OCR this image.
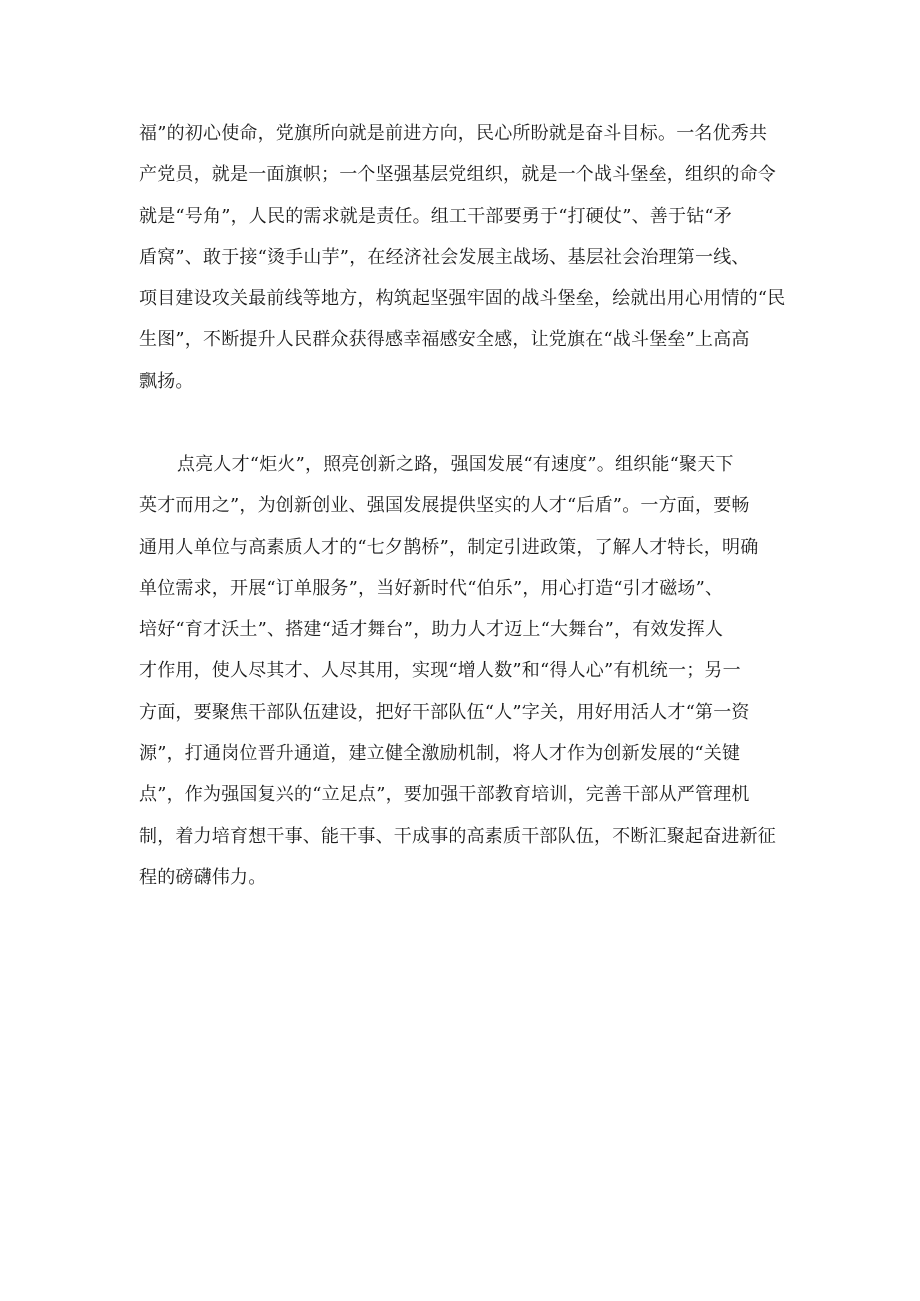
福”的初心使命，党旗所向就是前进方向，民心所盼就是奋斗目标。一名优秀共
产党员，就是一面旗帜；一个坚强基层党组织，就是一个战斗堡垒，组织的命令
就是“号角”，人民的需求就是责任。组工干部要勇于“打硬仗”、善于钻“矛
盾窝”、敢于接“烫手山芋”，在经济社会发展主战场、基层社会治理第一线、
项目建设攻关最前线等地方，构筑起坚强牢固的战斗堡垒，绘就出用心用情的“民
生图”，不断提升人民群众获得感幸福感安全感，让党旗在“战斗堡垒”上高高
飘扬。
点亮人才“炬火”，照亮创新之路，强国发展“有速度”。组织能“聚天下
英才而用之”，为创新创业、强国发展提供坚实的人才“后盾”。一方面，要畅
通用人单位与高素质人才的“七夕鹊桥”，制定引进政策，了解人才特长，明确
单位需求，开展“订单服务”，当好新时代“伯乐”，用心打造“引才磁场”、
培好“育才沃土”、搭建“适才舞台”，助力人才迈上“大舞台”，有效发挥人
才作用，使人尽其才、人尽其用，实现“增人数”和“得人心”有机统一；另一
方面，要聚焦干部队伍建设，把好干部队伍“人”字关，用好用活人才“第一资
源”，打通岗位晋升通道，建立健全激励机制，将人才作为创新发展的“关键
点”，作为强国复兴的“立足点”，要加强干部教育培训，完善干部从严管理机
制，着力培育想干事、能干事、干成事的高素质干部队伍，不断汇聚起奋进新征
程的磅礴伟力。
